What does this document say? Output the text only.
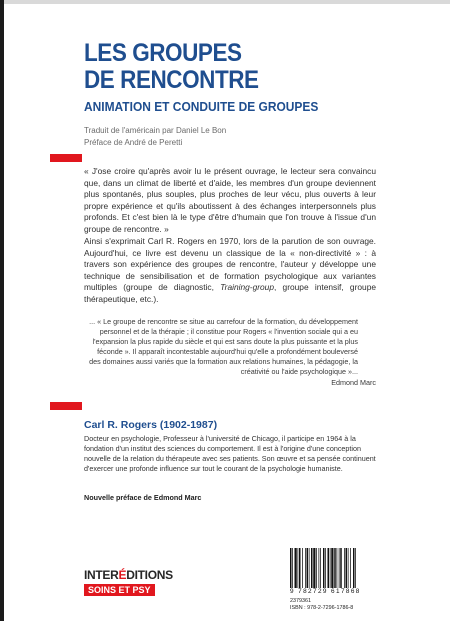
LES GROUPES
DE RENCONTRE
ANIMATION ET CONDUITE DE GROUPES
Traduit de l'américain par Daniel Le Bon
Préface de André de Peretti

« J'ose croire qu'après avoir lu le présent ouvrage, le lecteur sera convaincu que, dans un climat de liberté et d'aide, les membres d'un groupe deviennent plus spontanés, plus souples, plus proches de leur vécu, plus ouverts à leur propre expérience et qu'ils aboutissent à des échanges interpersonnels plus profonds. Et c'est bien là le type d'être d'humain que l'on trouve à l'issue d'un groupe de rencontre. »

Ainsi s'exprimait Carl R. Rogers en 1970, lors de la parution de son ouvrage. Aujourd'hui, ce livre est devenu un classique de la « non-directivité » : à travers son expérience des groupes de rencontre, l'auteur y développe une technique de sensibilisation et de formation psychologique aux variantes multiples (groupe de diagnostic, Training-group, groupe intensif, groupe thérapeutique, etc.).

... « Le groupe de rencontre se situe au carrefour de la formation, du développement personnel et de la thérapie ; il constitue pour Rogers « l'invention sociale qui a eu l'expansion la plus rapide du siècle et qui est sans doute la plus puissante et la plus féconde ». Il apparaît incontestable aujourd'hui qu'elle a profondément bouleversé des domaines aussi variés que la formation aux relations humaines, la pédagogie, la créativité ou l'aide psychologique »...

Edmond Marc
Carl R. Rogers (1902-1987)

Docteur en psychologie, Professeur à l'université de Chicago, il participe en 1964 à la fondation d'un institut des sciences du comportement. Il est à l'origine d'une conception nouvelle de la relation du thérapeute avec ses patients. Son œuvre et sa pensée continuent d'exercer une profonde influence sur tout le courant de la psychologie humaniste.

Nouvelle préface de Edmond Marc
INTERÉDITIONS
SOINS ET PSY	9 782729 617868
2379361
ISBN : 978-2-7296-1786-8
